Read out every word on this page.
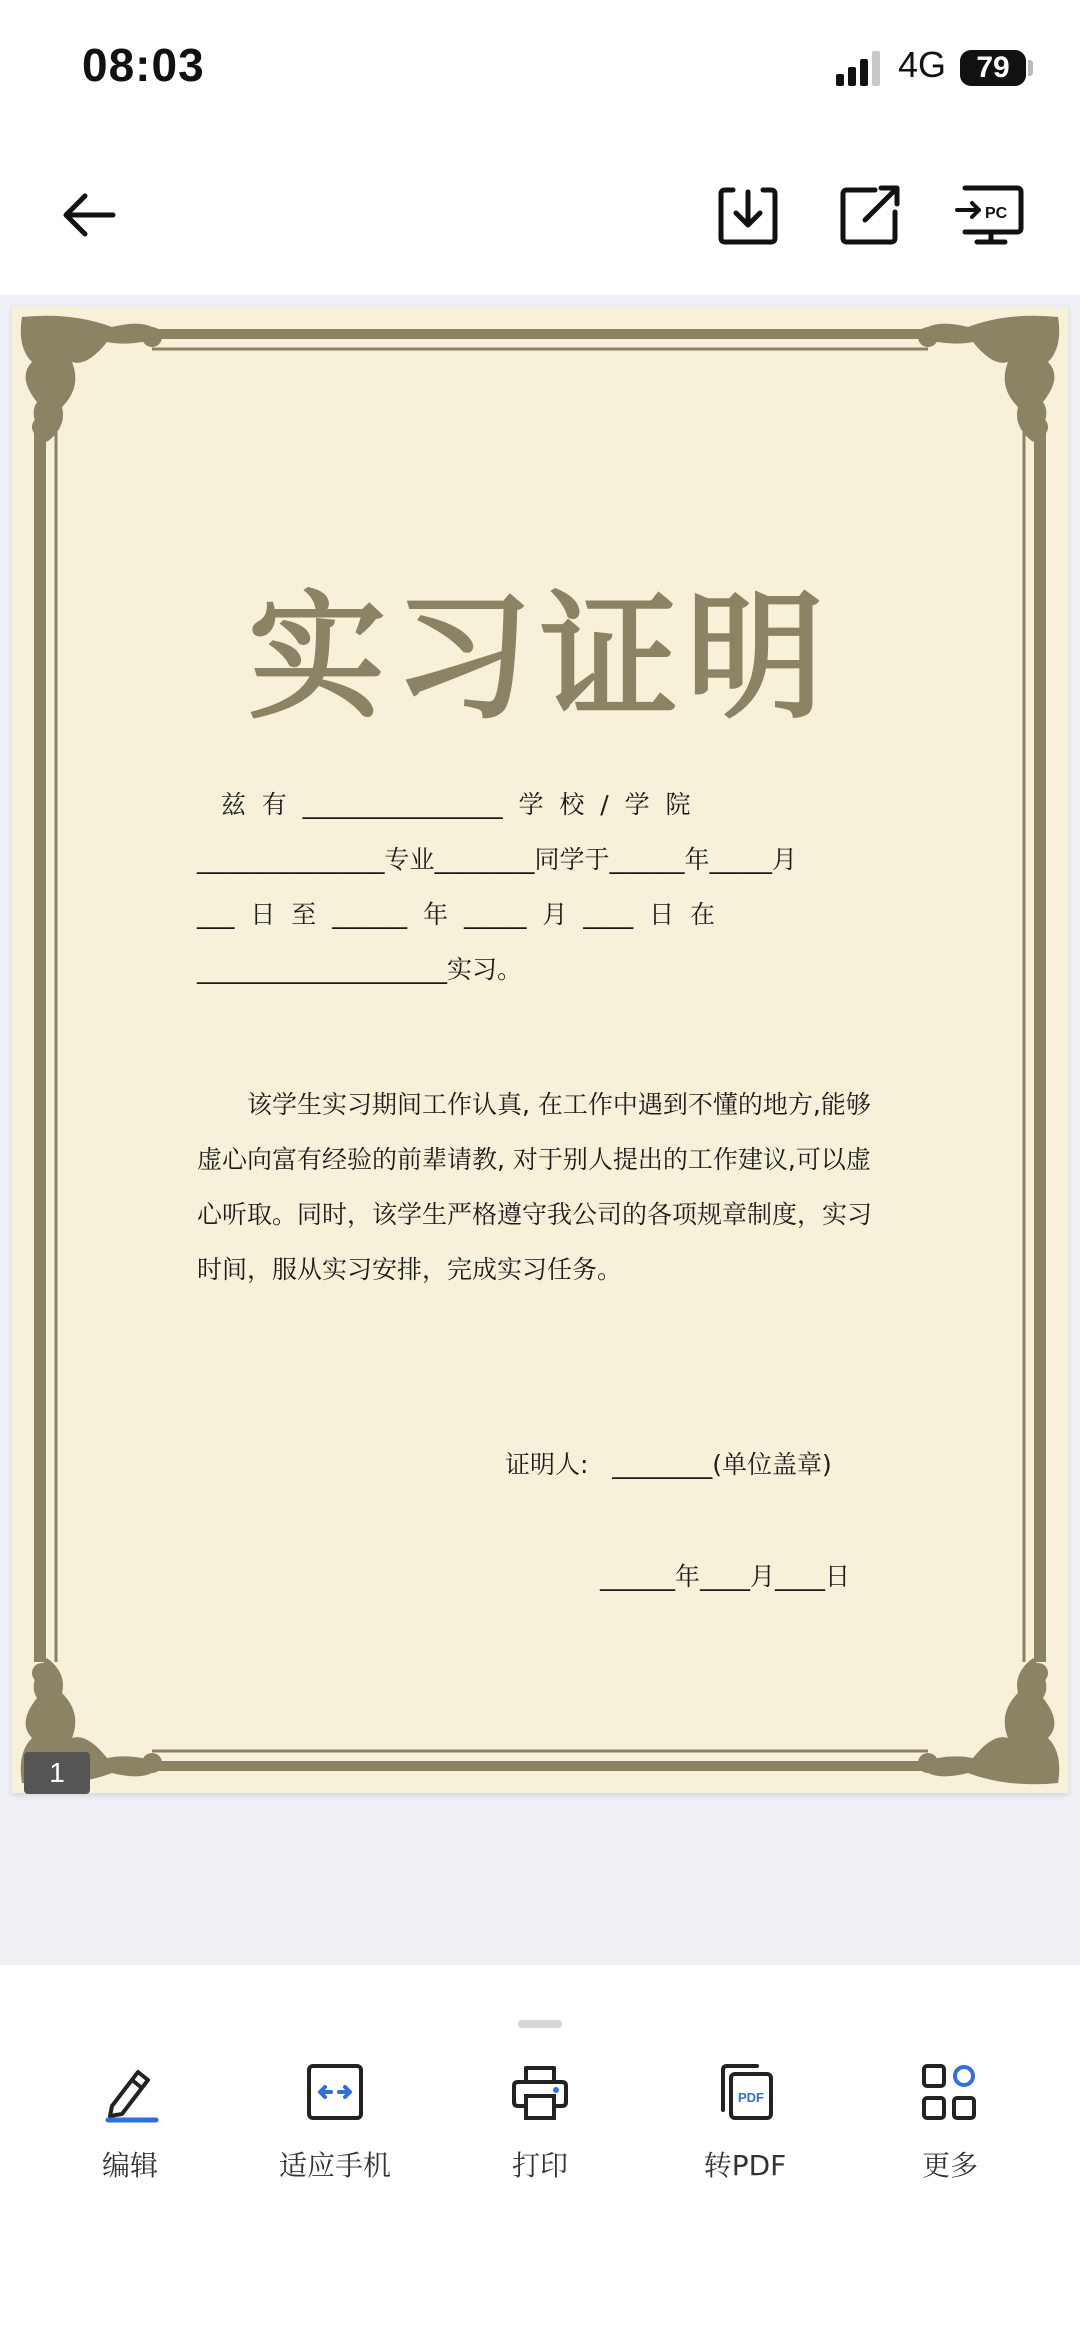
08:03	4G	79
PC
实习证明
兹  有  ________________  学  校  /  学  院
_______________专业________同学于______年_____月
___  日  至  ______  年  _____  月  ____  日  在
____________________实习。
该学生实习期间工作认真, 在工作中遇到不懂的地方,能够虚心向富有经验的前辈请教, 对于别人提出的工作建议,可以虚心听取。同时，该学生严格遵守我公司的各项规章制度，实习时间，服从实习安排，完成实习任务。
证明人:   ________(单位盖章)
______年____月____日
1
编辑	适应手机	打印
PDF
转PDF	更多
